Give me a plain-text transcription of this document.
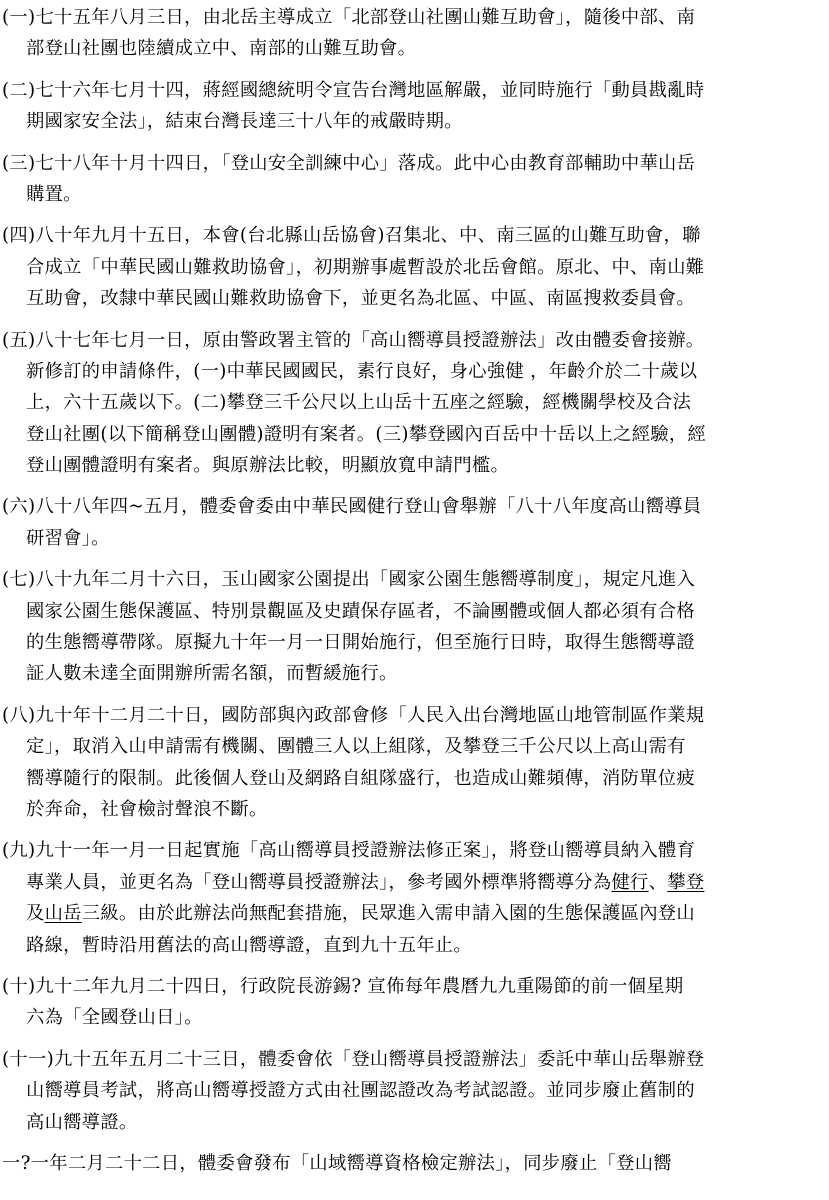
(一)七十五年八月三日，由北岳主導成立「北部登山社團山難互助會」，隨後中部、南
部登山社團也陸續成立中、南部的山難互助會。
(二)七十六年七月十四，蔣經國總統明令宣告台灣地區解嚴，並同時施行「動員戡亂時
期國家安全法」，結束台灣長達三十八年的戒嚴時期。
(三)七十八年十月十四日，「登山安全訓練中心」落成。此中心由教育部輔助中華山岳
購置。
(四)八十年九月十五日，本會(台北縣山岳協會)召集北、中、南三區的山難互助會，聯
合成立「中華民國山難救助協會」，初期辦事處暫設於北岳會館。原北、中、南山難
互助會，改隸中華民國山難救助協會下，並更名為北區、中區、南區搜救委員會。
(五)八十七年七月一日，原由警政署主管的「高山嚮導員授證辦法」改由體委會接辦。
新修訂的申請條件，(一)中華民國國民，素行良好，身心強健 ，年齡介於二十歲以
上，六十五歲以下。(二)攀登三千公尺以上山岳十五座之經驗，經機關學校及合法
登山社團(以下簡稱登山團體)證明有案者。(三)攀登國內百岳中十岳以上之經驗，經
登山團體證明有案者。與原辦法比較，明顯放寬申請門檻。
(六)八十八年四~五月，體委會委由中華民國健行登山會舉辦「八十八年度高山嚮導員
研習會」。
(七)八十九年二月十六日，玉山國家公園提出「國家公園生態嚮導制度」，規定凡進入
國家公園生態保護區、特別景觀區及史蹟保存區者，不論團體或個人都必須有合格
的生態嚮導帶隊。原擬九十年一月一日開始施行，但至施行日時，取得生態嚮導證
証人數未達全面開辦所需名額，而暫緩施行。
(八)九十年十二月二十日，國防部與內政部會修「人民入出台灣地區山地管制區作業規
定」，取消入山申請需有機關、團體三人以上組隊，及攀登三千公尺以上高山需有
嚮導隨行的限制。此後個人登山及網路自組隊盛行，也造成山難頻傳，消防單位疲
於奔命，社會檢討聲浪不斷。
(九)九十一年一月一日起實施「高山嚮導員授證辦法修正案」，將登山嚮導員納入體育
專業人員，並更名為「登山嚮導員授證辦法」，參考國外標準將嚮導分為健行、攀登
及山岳三級。由於此辦法尚無配套措施，民眾進入需申請入園的生態保護區內登山
路線，暫時沿用舊法的高山嚮導證，直到九十五年止。
(十)九十二年九月二十四日，行政院長游錫? 宣佈每年農曆九九重陽節的前一個星期
六為「全國登山日」。
(十一)九十五年五月二十三日，體委會依「登山嚮導員授證辦法」委託中華山岳舉辦登
山嚮導員考試，將高山嚮導授證方式由社團認證改為考試認證。並同步廢止舊制的
高山嚮導證。
一?一年二月二十二日，體委會發布「山域嚮導資格檢定辦法」，同步廢止「登山嚮
